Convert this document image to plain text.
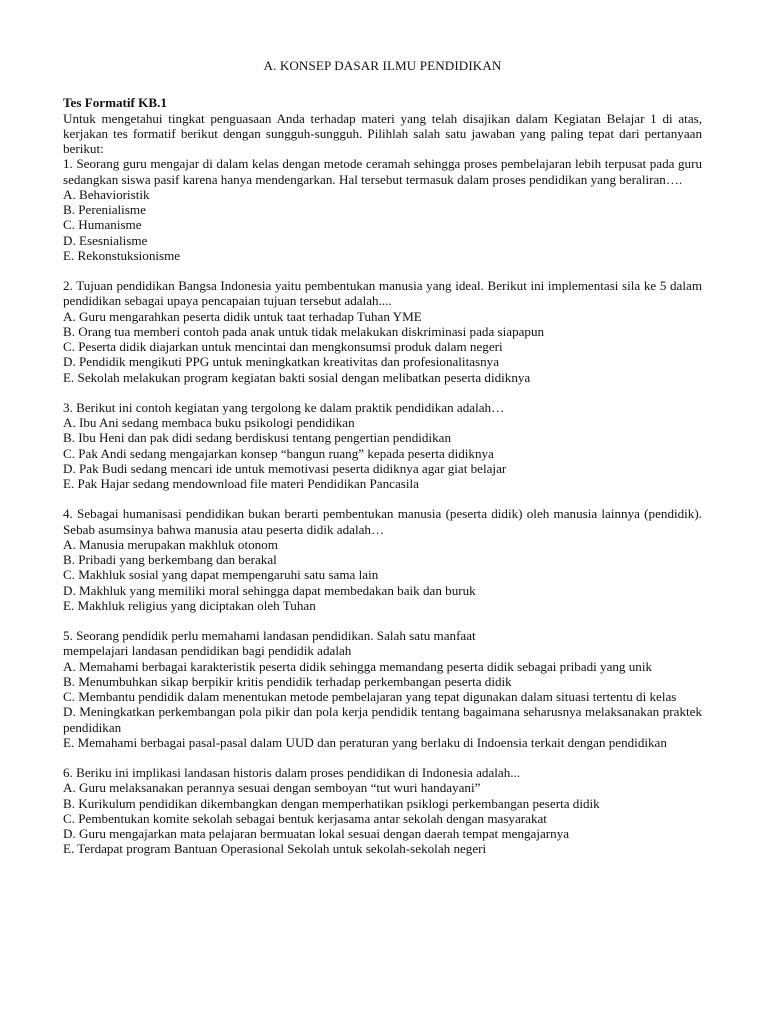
A. KONSEP DASAR ILMU PENDIDIKAN
Tes Formatif KB.1
Untuk mengetahui tingkat penguasaan Anda terhadap materi yang telah disajikan dalam Kegiatan Belajar 1 di atas, kerjakan tes formatif berikut dengan sungguh-sungguh. Pilihlah salah satu jawaban yang paling tepat dari pertanyaan berikut:
1. Seorang guru mengajar di dalam kelas dengan metode ceramah sehingga proses pembelajaran lebih terpusat pada guru sedangkan siswa pasif karena hanya mendengarkan. Hal tersebut termasuk dalam proses pendidikan yang beraliran….
A. Behavioristik
B. Perenialisme
C. Humanisme
D. Esesnialisme
E. Rekonstuksionisme
2. Tujuan pendidikan Bangsa Indonesia yaitu pembentukan manusia yang ideal. Berikut ini implementasi sila ke 5 dalam pendidikan sebagai upaya pencapaian tujuan tersebut adalah....
A. Guru mengarahkan peserta didik untuk taat terhadap Tuhan YME
B. Orang tua memberi contoh pada anak untuk tidak melakukan diskriminasi pada siapapun
C. Peserta didik diajarkan untuk mencintai dan mengkonsumsi produk dalam negeri
D. Pendidik mengikuti PPG untuk meningkatkan kreativitas dan profesionalitasnya
E. Sekolah melakukan program kegiatan bakti sosial dengan melibatkan peserta didiknya
3. Berikut ini contoh kegiatan yang tergolong ke dalam praktik pendidikan adalah…
A. Ibu Ani sedang membaca buku psikologi pendidikan
B. Ibu Heni dan pak didi sedang berdiskusi tentang pengertian pendidikan
C. Pak Andi sedang mengajarkan konsep “bangun ruang” kepada peserta didiknya
D. Pak Budi sedang mencari ide untuk memotivasi peserta didiknya agar giat belajar
E. Pak Hajar sedang mendownload file materi Pendidikan Pancasila
4. Sebagai humanisasi pendidikan bukan berarti pembentukan manusia (peserta didik) oleh manusia lainnya (pendidik). Sebab asumsinya bahwa manusia atau peserta didik adalah…
A. Manusia merupakan makhluk otonom
B. Pribadi yang berkembang dan berakal
C. Makhluk sosial yang dapat mempengaruhi satu sama lain
D. Makhluk yang memiliki moral sehingga dapat membedakan baik dan buruk
E. Makhluk religius yang diciptakan oleh Tuhan
5. Seorang pendidik perlu memahami landasan pendidikan. Salah satu manfaat
mempelajari landasan pendidikan bagi pendidik adalah
A. Memahami berbagai karakteristik peserta didik sehingga memandang peserta didik sebagai pribadi yang unik
B. Menumbuhkan sikap berpikir kritis pendidik terhadap perkembangan peserta didik
C. Membantu pendidik dalam menentukan metode pembelajaran yang tepat digunakan dalam situasi tertentu di kelas
D. Meningkatkan perkembangan pola pikir dan pola kerja pendidik tentang bagaimana seharusnya melaksanakan praktek pendidikan
E. Memahami berbagai pasal-pasal dalam UUD dan peraturan yang berlaku di Indoensia terkait dengan pendidikan
6. Beriku ini implikasi landasan historis dalam proses pendidikan di Indonesia adalah...
A. Guru melaksanakan perannya sesuai dengan semboyan “tut wuri handayani”
B. Kurikulum pendidikan dikembangkan dengan memperhatikan psiklogi perkembangan peserta didik
C. Pembentukan komite sekolah sebagai bentuk kerjasama antar sekolah dengan masyarakat
D. Guru mengajarkan mata pelajaran bermuatan lokal sesuai dengan daerah tempat mengajarnya
E. Terdapat program Bantuan Operasional Sekolah untuk sekolah-sekolah negeri
